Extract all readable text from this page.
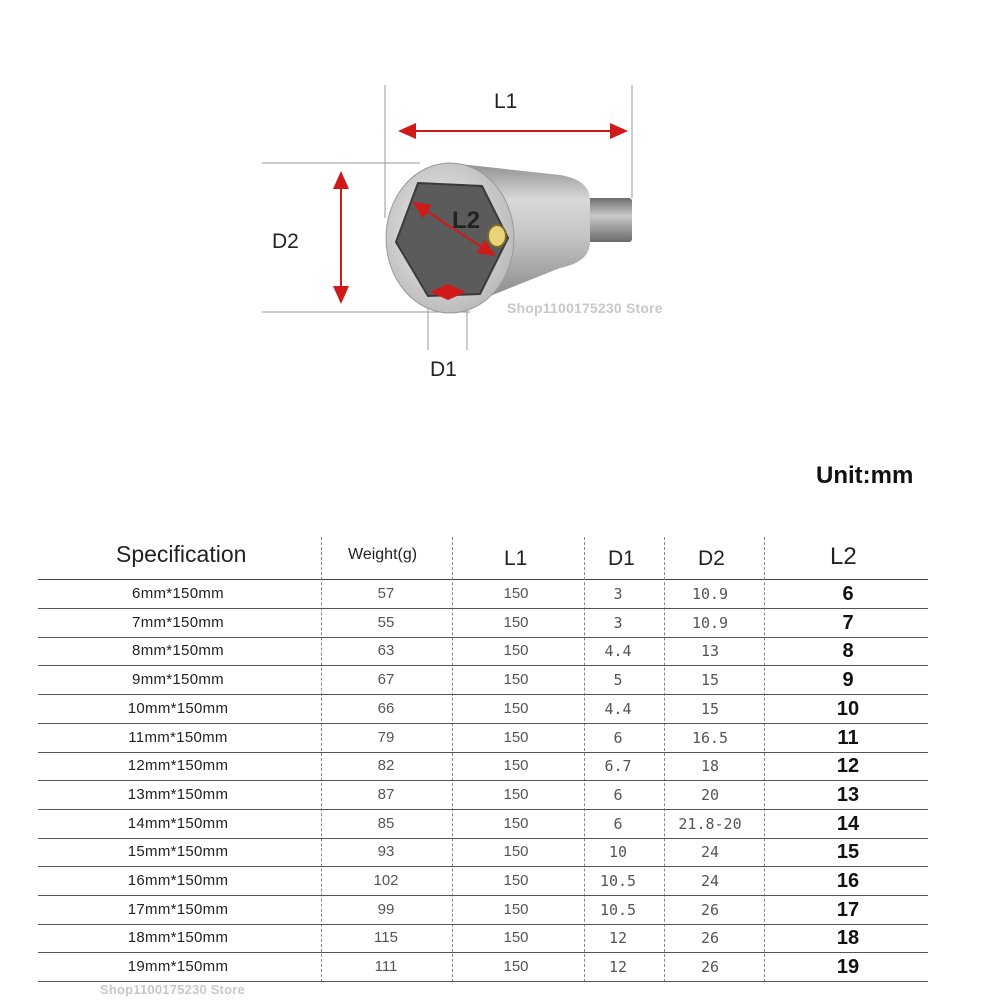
L1
D2
L2
D1
Shop1100175230 Store
Unit:mm
Specification	Weight(g)	L1	D1	D2	L2
6mm*150mm	57	150	3	10.9	6
7mm*150mm	55	150	3	10.9	7
8mm*150mm	63	150	4.4	13	8
9mm*150mm	67	150	5	15	9
10mm*150mm	66	150	4.4	15	10
11mm*150mm	79	150	6	16.5	11
12mm*150mm	82	150	6.7	18	12
13mm*150mm	87	150	6	20	13
14mm*150mm	85	150	6	21.8-20	14
15mm*150mm	93	150	10	24	15
16mm*150mm	102	150	10.5	24	16
17mm*150mm	99	150	10.5	26	17
18mm*150mm	115	150	12	26	18
19mm*150mm	111	150	12	26	19
Shop1100175230 Store
